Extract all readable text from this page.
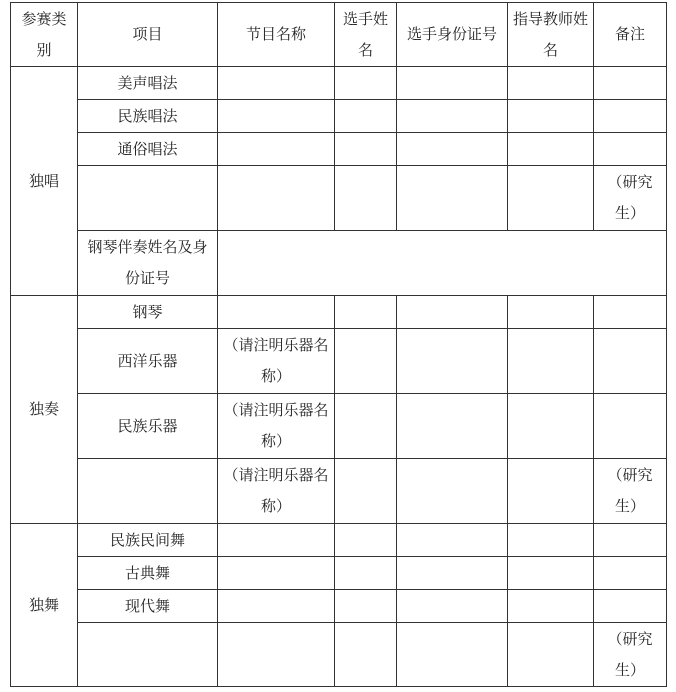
参赛类别	项目	节目名称	选手姓名	选手身份证号	指导教师姓名	备注
独唱	美声唱法					
	民族唱法					
	通俗唱法					
						（研究生）
	钢琴伴奏姓名及身份证号					
独奏	钢琴					
	西洋乐器	（请注明乐器名称）				
	民族乐器	（请注明乐器名称）				
		（请注明乐器名称）				（研究生）
独舞	民族民间舞					
	古典舞					
	现代舞					
						（研究生）
